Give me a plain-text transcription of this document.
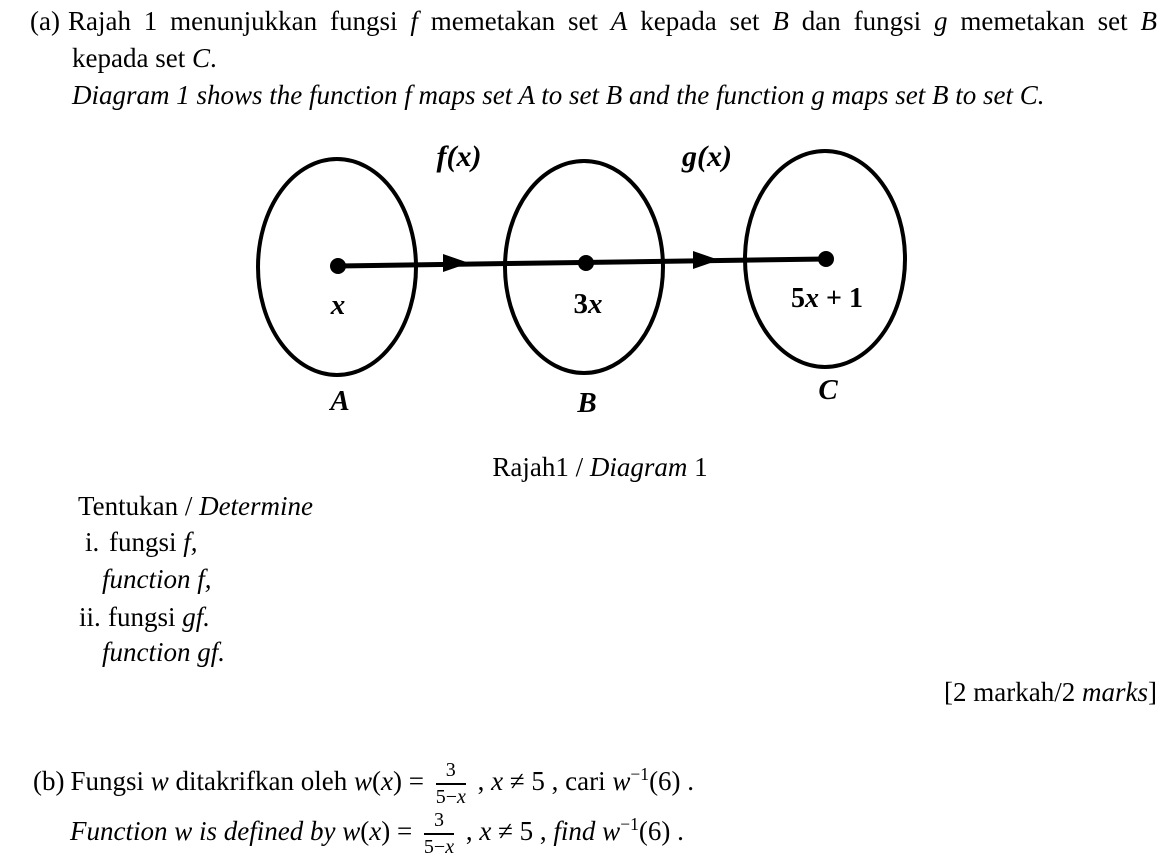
(a) Rajah 1 menunjukkan fungsi f memetakan set A kepada set B dan fungsi g memetakan set B
kepada set C.
Diagram 1 shows the function f maps set A to set B and the function g maps set B to set C.
f(x)	g(x)
x	3x	5x + 1
A	B	C
Rajah1 / Diagram 1
Tentukan / Determine
i. fungsi f,
function f,
ii. fungsi gf.
function gf.
[2 markah/2 marks]
(b) Fungsi w ditakrifkan oleh $w(x) = \frac{3}{5-x}$ , x ≠ 5 , cari $w^{-1}(6)$ .
Function w is defined by $w(x) = \frac{3}{5-x}$ , x ≠ 5 , find $w^{-1}(6)$ .
